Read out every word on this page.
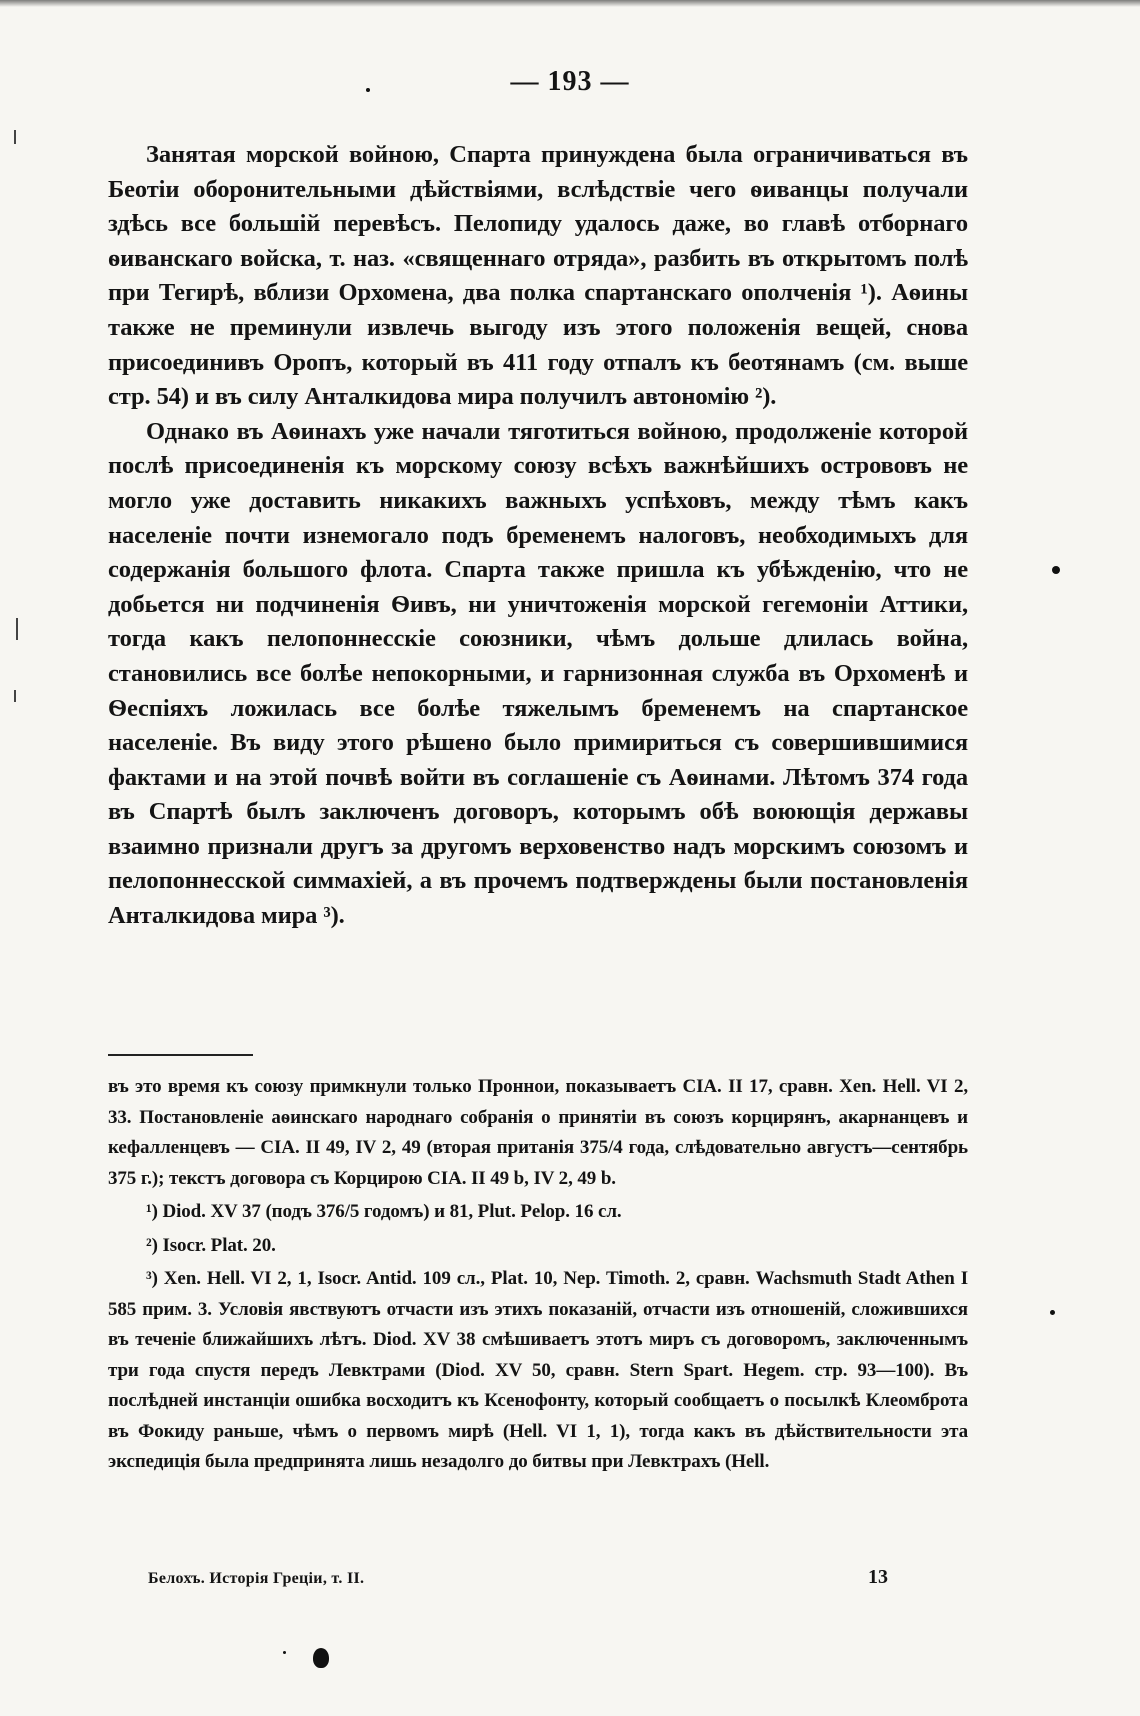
— 193 —

Занятая морской войною, Спарта принуждена была ограничиваться въ Беотіи оборонительными дѣйствіями, вслѣдствіе чего ѳиванцы получали здѣсь все большій перевѣсъ. Пелопиду удалось даже, во главѣ отборнаго ѳиванскаго войска, т. наз. «священнаго отряда», разбить въ открытомъ полѣ при Тегирѣ, вблизи Орхомена, два полка спартанскаго ополченія ¹). Аѳины также не преминули извлечь выгоду изъ этого положенія вещей, снова присоединивъ Оропъ, который въ 411 году отпалъ къ беотянамъ (см. выше стр. 54) и въ силу Анталкидова мира получилъ автономію ²).

Однако въ Аѳинахъ уже начали тяготиться войною, продолженіе которой послѣ присоединенія къ морскому союзу всѣхъ важнѣйшихъ острововъ не могло уже доставить никакихъ важныхъ успѣховъ, между тѣмъ какъ населеніе почти изнемогало подъ бременемъ налоговъ, необходимыхъ для содержанія большого флота. Спарта также пришла къ убѣжденію, что не добьется ни подчиненія Ѳивъ, ни уничтоженія морской гегемоніи Аттики, тогда какъ пелопоннесскіе союзники, чѣмъ дольше длилась война, становились все болѣе непокорными, и гарнизонная служба въ Орхоменѣ и Ѳеспіяхъ ложилась все болѣе тяжелымъ бременемъ на спартанское населеніе. Въ виду этого рѣшено было примириться съ совершившимися фактами и на этой почвѣ войти въ соглашеніе съ Аѳинами. Лѣтомъ 374 года въ Спартѣ былъ заключенъ договоръ, которымъ обѣ воюющія державы взаимно признали другъ за другомъ верховенство надъ морскимъ союзомъ и пелопоннесской симмахіей, а въ прочемъ подтверждены были постановленія Анталкидова мира ³).

въ это время къ союзу примкнули только Проннои, показываетъ CIA. II 17, сравн. Xen. Hell. VI 2, 33. Постановленіе аѳинскаго народнаго собранія о принятіи въ союзъ корцирянъ, акарнанцевъ и кефалленцевъ — CIA. II 49, IV 2, 49 (вторая пританія 375/4 года, слѣдовательно августъ—сентябрь 375 г.); текстъ договора съ Корцирою CIA. II 49 b, IV 2, 49 b.

¹) Diod. XV 37 (подъ 376/5 годомъ) и 81, Plut. Pelop. 16 сл.

²) Isocr. Plat. 20.

³) Xen. Hell. VI 2, 1, Isocr. Antid. 109 сл., Plat. 10, Nep. Timoth. 2, сравн. Wachsmuth Stadt Athen I 585 прим. 3. Условія явствуютъ отчасти изъ этихъ показаній, отчасти изъ отношеній, сложившихся въ теченіе ближайшихъ лѣтъ. Diod. XV 38 смѣшиваетъ этотъ миръ съ договоромъ, заключеннымъ три года спустя передъ Левктрами (Diod. XV 50, сравн. Stern Spart. Hegem. стр. 93—100). Въ послѣдней инстанціи ошибка восходитъ къ Ксенофонту, который сообщаетъ о посылкѣ Клеомброта въ Фокиду раньше, чѣмъ о первомъ мирѣ (Hell. VI 1, 1), тогда какъ въ дѣйствительности эта экспедиція была предпринята лишь незадолго до битвы при Левктрахъ (Hell.

Белохъ. Исторія Греціи, т. II.	13
